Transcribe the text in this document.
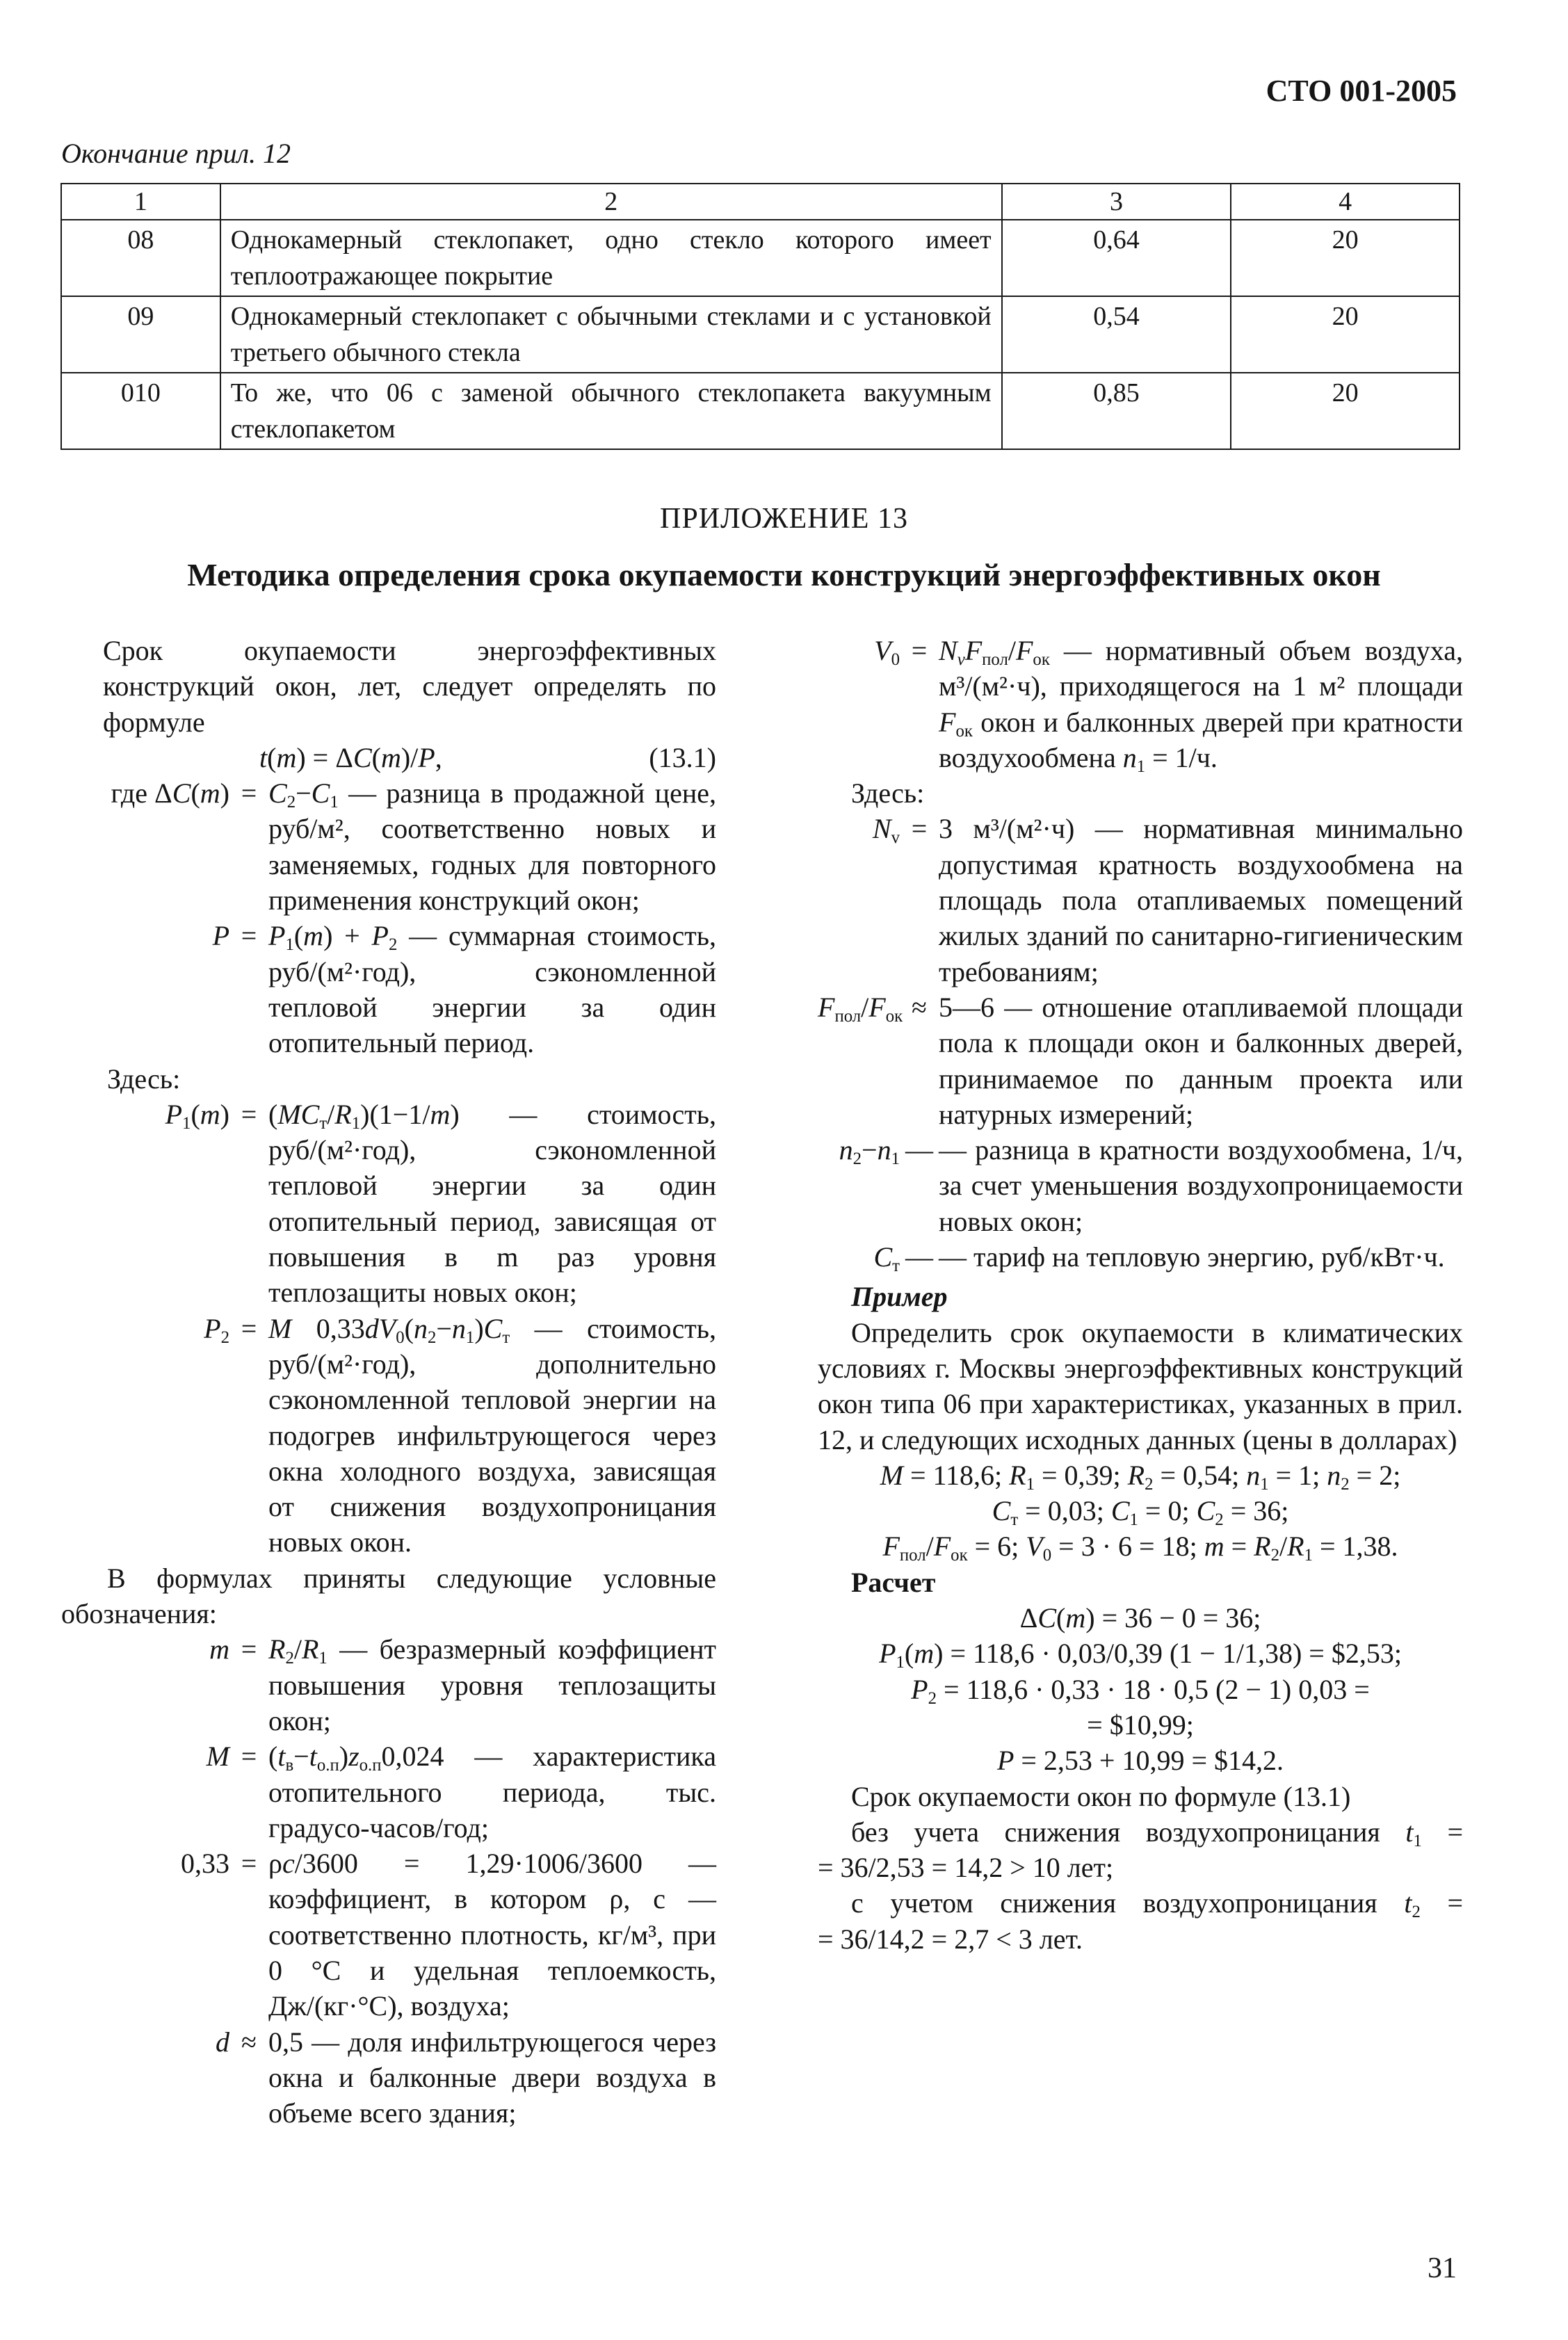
СТО 001-2005
Окончание прил. 12
1	2	3	4
08	Однокамерный стеклопакет, одно стекло которого имеет теплоотражающее покрытие	0,64	20
09	Однокамерный стеклопакет с обычными стеклами и с установкой третьего обычного стекла	0,54	20
010	То же, что 06 с заменой обычного стеклопакета вакуумным стеклопакетом	0,85	20
ПРИЛОЖЕНИЕ 13
Методика определения срока окупаемости конструкций энергоэффективных окон
Срок окупаемости энергоэффективных конструкций окон, лет, следует определять по формуле
t(m) = ΔC(m)/P,	(13.1)
где $\Delta C(m) = C_2-C_1$ — разница в продажной цене, руб/м², соответственно новых и заменяемых, годных для повторного применения конструкций окон;
$P = P_1(m) + P_2$ — суммарная стоимость, руб/(м²·год), сэкономленной тепловой энергии за один отопительный период.
Здесь:
$P_1(m) = (MC_т/R_1)(1-1/m)$ — стоимость, руб/(м²·год), сэкономленной тепловой энергии за один отопительный период, зависящая от повышения в m раз уровня теплозащиты новых окон;
$P_2 = M$ $0,33dV_0(n_2-n_1)C_т$ — стоимость, руб/(м²·год), дополнительно сэкономленной тепловой энергии на подогрев инфильтрующегося через окна холодного воздуха, зависящая от снижения воздухопроницания новых окон.
В формулах приняты следующие условные обозначения:
$m = R_2/R_1$ — безразмерный коэффициент повышения уровня теплозащиты окон;
$M = (t_в-t_{о.п})z_{о.п}0,024$ — характеристика отопительного периода, тыс. градусо-часов/год;
0,33 = ρc/3600 = 1,29·1006/3600 — коэффициент, в котором ρ, c — соответственно плотность, кг/м³, при 0 °С и удельная теплоемкость, Дж/(кг·°С), воздуха;
d ≈ 0,5 — доля инфильтрующегося через окна и балконные двери воздуха в объеме всего здания;
$V_0 = N_vF_{пол}/F_{ок}$ — нормативный объем воздуха, м³/(м²·ч), приходящегося на 1 м² площади $F_{ок}$ окон и балконных дверей при кратности воздухообмена $n_1 = 1/ч$.
Здесь:
$N_v = 3$ м³/(м²·ч) — нормативная минимально допустимая кратность воздухообмена на площадь пола отапливаемых помещений жилых зданий по санитарно-гигиеническим требованиям;
$F_{пол}/F_{ок}$ ≈ 5—6 — отношение отапливаемой площади пола к площади окон и балконных дверей, принимаемое по данным проекта или натурных измерений;
$n_2-n_1$ — — разница в кратности воздухообмена, 1/ч, за счет уменьшения воздухопроницаемости новых окон;
$C_т$ — — тариф на тепловую энергию, руб/кВт·ч.
Пример
Определить срок окупаемости в климатических условиях г. Москвы энергоэффективных конструкций окон типа 06 при характеристиках, указанных в прил. 12, и следующих исходных данных (цены в долларах)
M = 118,6; $R_1 = 0,39$; $R_2 = 0,54$; $n_1 = 1$; $n_2 = 2$;
$C_т = 0,03$; $C_1 = 0$; $C_2 = 36$;
$F_{пол}/F_{ок} = 6$; $V_0 = 3 \cdot 6 = 18$; $m = R_2/R_1 = 1,38$.
Расчет
ΔC(m) = 36 − 0 = 36;
$P_1(m) = 118,6 \cdot 0,03/0,39$ (1 − 1/1,38) = $2,53;
$P_2 = 118,6 \cdot 0,33 \cdot 18 \cdot 0,5$ (2 − 1) 0,03 =
= $10,99;
P = 2,53 + 10,99 = $14,2.
Срок окупаемости окон по формуле (13.1)
без учета снижения воздухопроницания $t_1$ =
= 36/2,53 = 14,2 > 10 лет;
с учетом снижения воздухопроницания $t_2$ =
= 36/14,2 = 2,7 < 3 лет.
31
